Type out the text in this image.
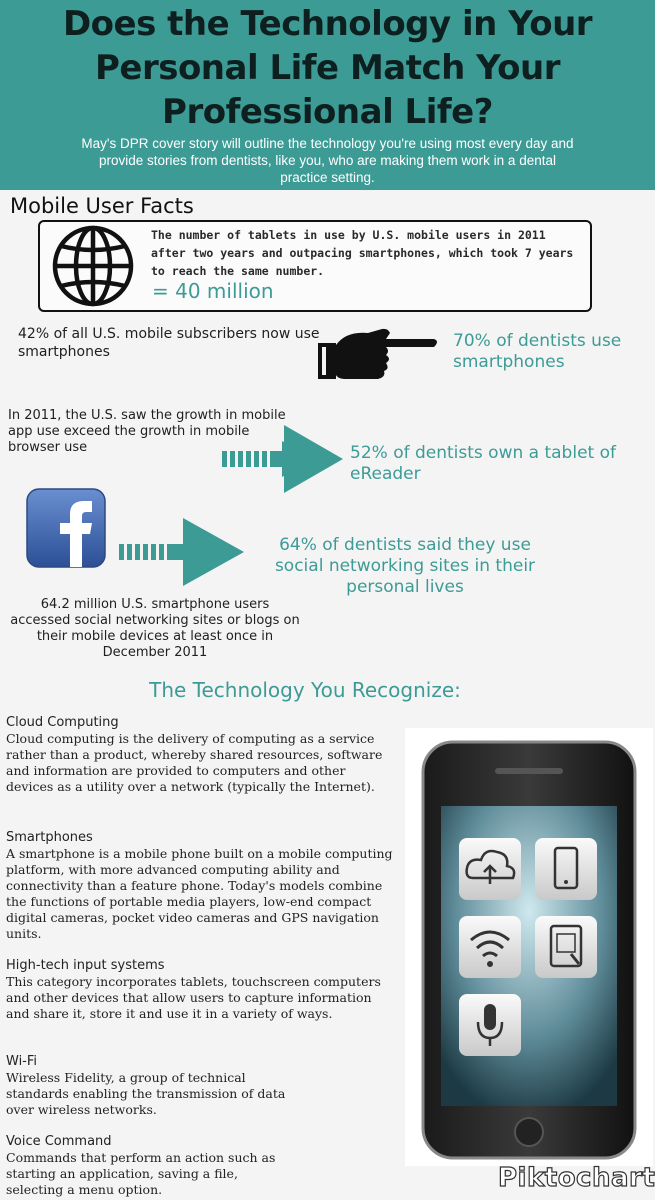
Does the Technology in Your Personal Life Match Your Professional Life?
May's DPR cover story will outline the technology you're using most every day and provide stories from dentists, like you, who are making them work in a dental practice setting.
Mobile User Facts
The number of tablets in use by U.S. mobile users in 2011 after two years and outpacing smartphones, which took 7 years to reach the same number.
= 40 million
42% of all U.S. mobile subscribers now use smartphones
70% of dentists use smartphones
In 2011, the U.S. saw the growth in mobile app use exceed the growth in mobile browser use	52% of dentists own a tablet of eReader
64% of dentists said they use social networking sites in their personal lives
64.2 million U.S. smartphone users accessed social networking sites or blogs on their mobile devices at least once in December 2011
The Technology You Recognize:
Cloud Computing
Cloud computing is the delivery of computing as a service rather than a product, whereby shared resources, software and information are provided to computers and other devices as a utility over a network (typically the Internet).
Smartphones
A smartphone is a mobile phone built on a mobile computing platform, with more advanced computing ability and connectivity than a feature phone. Today's models combine the functions of portable media players, low-end compact digital cameras, pocket video cameras and GPS navigation units.
High-tech input systems
This category incorporates tablets, touchscreen computers and other devices that allow users to capture information and share it, store it and use it in a variety of ways.
Wi-Fi
Wireless Fidelity, a group of technical standards enabling the transmission of data over wireless networks.
Voice Command
Commands that perform an action such as starting an application, saving a file, selecting a menu option.	Piktochart
